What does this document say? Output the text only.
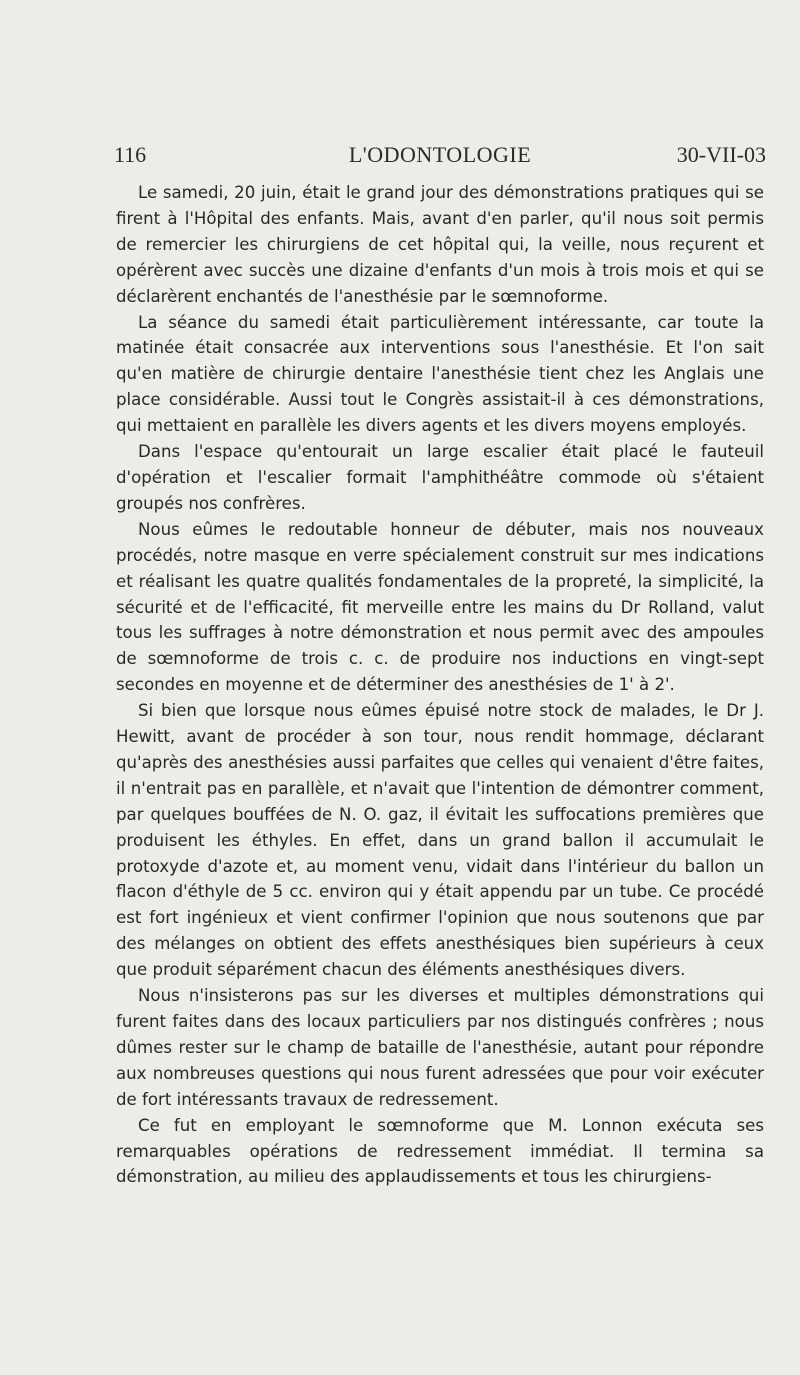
116	L'ODONTOLOGIE	30-VII-03

Le samedi, 20 juin, était le grand jour des démonstrations pratiques qui se firent à l'Hôpital des enfants. Mais, avant d'en parler, qu'il nous soit permis de remercier les chirurgiens de cet hôpital qui, la veille, nous reçurent et opérèrent avec succès une dizaine d'enfants d'un mois à trois mois et qui se déclarèrent enchantés de l'anesthésie par le sœmnoforme.

La séance du samedi était particulièrement intéressante, car toute la matinée était consacrée aux interventions sous l'anesthésie. Et l'on sait qu'en matière de chirurgie dentaire l'anesthésie tient chez les Anglais une place considérable. Aussi tout le Congrès assistait-il à ces démonstrations, qui mettaient en parallèle les divers agents et les divers moyens employés.

Dans l'espace qu'entourait un large escalier était placé le fauteuil d'opération et l'escalier formait l'amphithéâtre commode où s'étaient groupés nos confrères.

Nous eûmes le redoutable honneur de débuter, mais nos nouveaux procédés, notre masque en verre spécialement construit sur mes indications et réalisant les quatre qualités fondamentales de la propreté, la simplicité, la sécurité et de l'efficacité, fit merveille entre les mains du Dr Rolland, valut tous les suffrages à notre démonstration et nous permit avec des ampoules de sœmnoforme de trois c. c. de produire nos inductions en vingt-sept secondes en moyenne et de déterminer des anesthésies de 1' à 2'.

Si bien que lorsque nous eûmes épuisé notre stock de malades, le Dr J. Hewitt, avant de procéder à son tour, nous rendit hommage, déclarant qu'après des anesthésies aussi parfaites que celles qui venaient d'être faites, il n'entrait pas en parallèle, et n'avait que l'intention de démontrer comment, par quelques bouffées de N. O. gaz, il évitait les suffocations premières que produisent les éthyles. En effet, dans un grand ballon il accumulait le protoxyde d'azote et, au moment venu, vidait dans l'intérieur du ballon un flacon d'éthyle de 5 cc. environ qui y était appendu par un tube. Ce procédé est fort ingénieux et vient confirmer l'opinion que nous soutenons que par des mélanges on obtient des effets anesthésiques bien supérieurs à ceux que produit séparément chacun des éléments anesthésiques divers.

Nous n'insisterons pas sur les diverses et multiples démonstrations qui furent faites dans des locaux particuliers par nos distingués confrères ; nous dûmes rester sur le champ de bataille de l'anesthésie, autant pour répondre aux nombreuses questions qui nous furent adressées que pour voir exécuter de fort intéressants travaux de redressement.

Ce fut en employant le sœmnoforme que M. Lonnon exécuta ses remarquables opérations de redressement immédiat. Il termina sa démonstration, au milieu des applaudissements et tous les chirurgiens-
